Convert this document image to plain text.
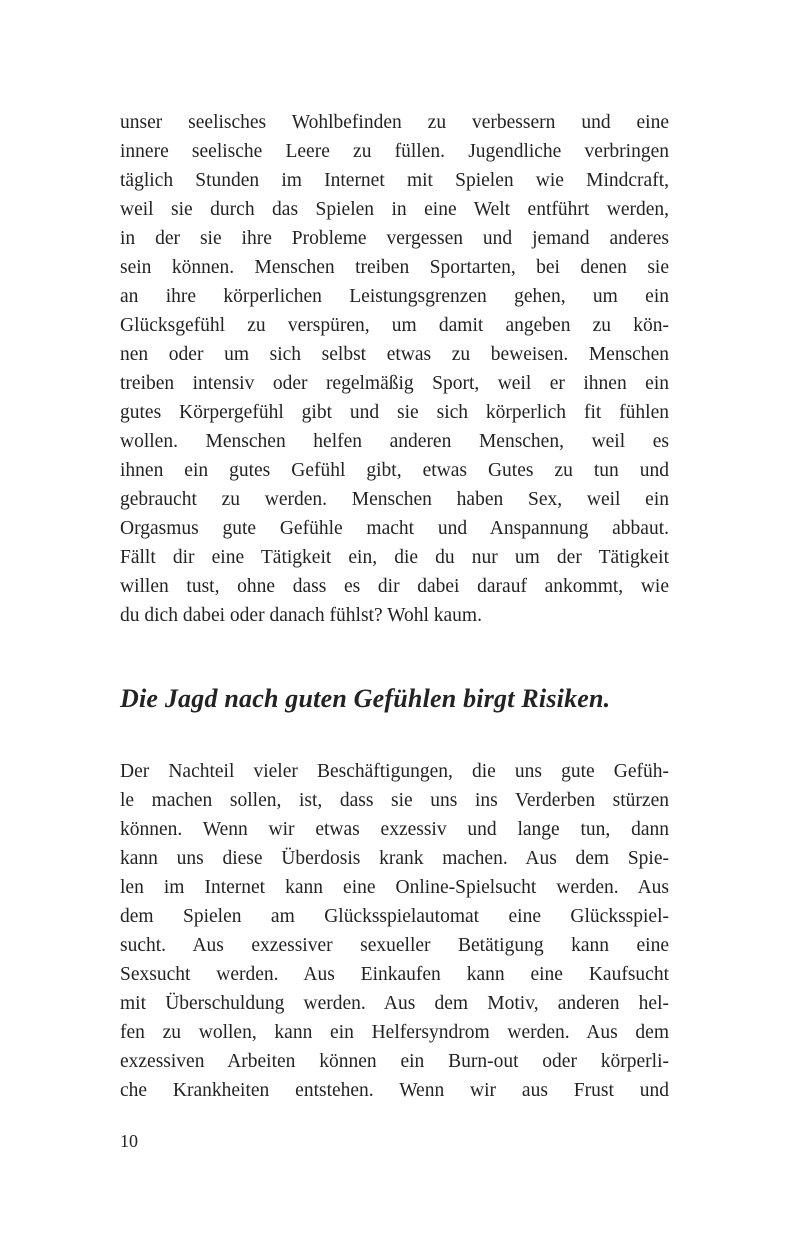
unser seelisches Wohlbefinden zu verbessern und eine
innere seelische Leere zu füllen. Jugendliche verbringen
täglich Stunden im Internet mit Spielen wie Mindcraft,
weil sie durch das Spielen in eine Welt entführt werden,
in der sie ihre Probleme vergessen und jemand anderes
sein können. Menschen treiben Sportarten, bei denen sie
an ihre körperlichen Leistungsgrenzen gehen, um ein
Glücksgefühl zu verspüren, um damit angeben zu kön-
nen oder um sich selbst etwas zu beweisen. Menschen
treiben intensiv oder regelmäßig Sport, weil er ihnen ein
gutes Körpergefühl gibt und sie sich körperlich fit fühlen
wollen. Menschen helfen anderen Menschen, weil es
ihnen ein gutes Gefühl gibt, etwas Gutes zu tun und
gebraucht zu werden. Menschen haben Sex, weil ein
Orgasmus gute Gefühle macht und Anspannung abbaut.
Fällt dir eine Tätigkeit ein, die du nur um der Tätigkeit
willen tust, ohne dass es dir dabei darauf ankommt, wie
du dich dabei oder danach fühlst? Wohl kaum.
Die Jagd nach guten Gefühlen birgt Risiken.
Der Nachteil vieler Beschäftigungen, die uns gute Gefüh-
le machen sollen, ist, dass sie uns ins Verderben stürzen
können. Wenn wir etwas exzessiv und lange tun, dann
kann uns diese Überdosis krank machen. Aus dem Spie-
len im Internet kann eine Online-Spielsucht werden. Aus
dem Spielen am Glücksspielautomat eine Glücksspiel-
sucht. Aus exzessiver sexueller Betätigung kann eine
Sexsucht werden. Aus Einkaufen kann eine Kaufsucht
mit Überschuldung werden. Aus dem Motiv, anderen hel-
fen zu wollen, kann ein Helfersyndrom werden. Aus dem
exzessiven Arbeiten können ein Burn-out oder körperli-
che Krankheiten entstehen. Wenn wir aus Frust und
10
